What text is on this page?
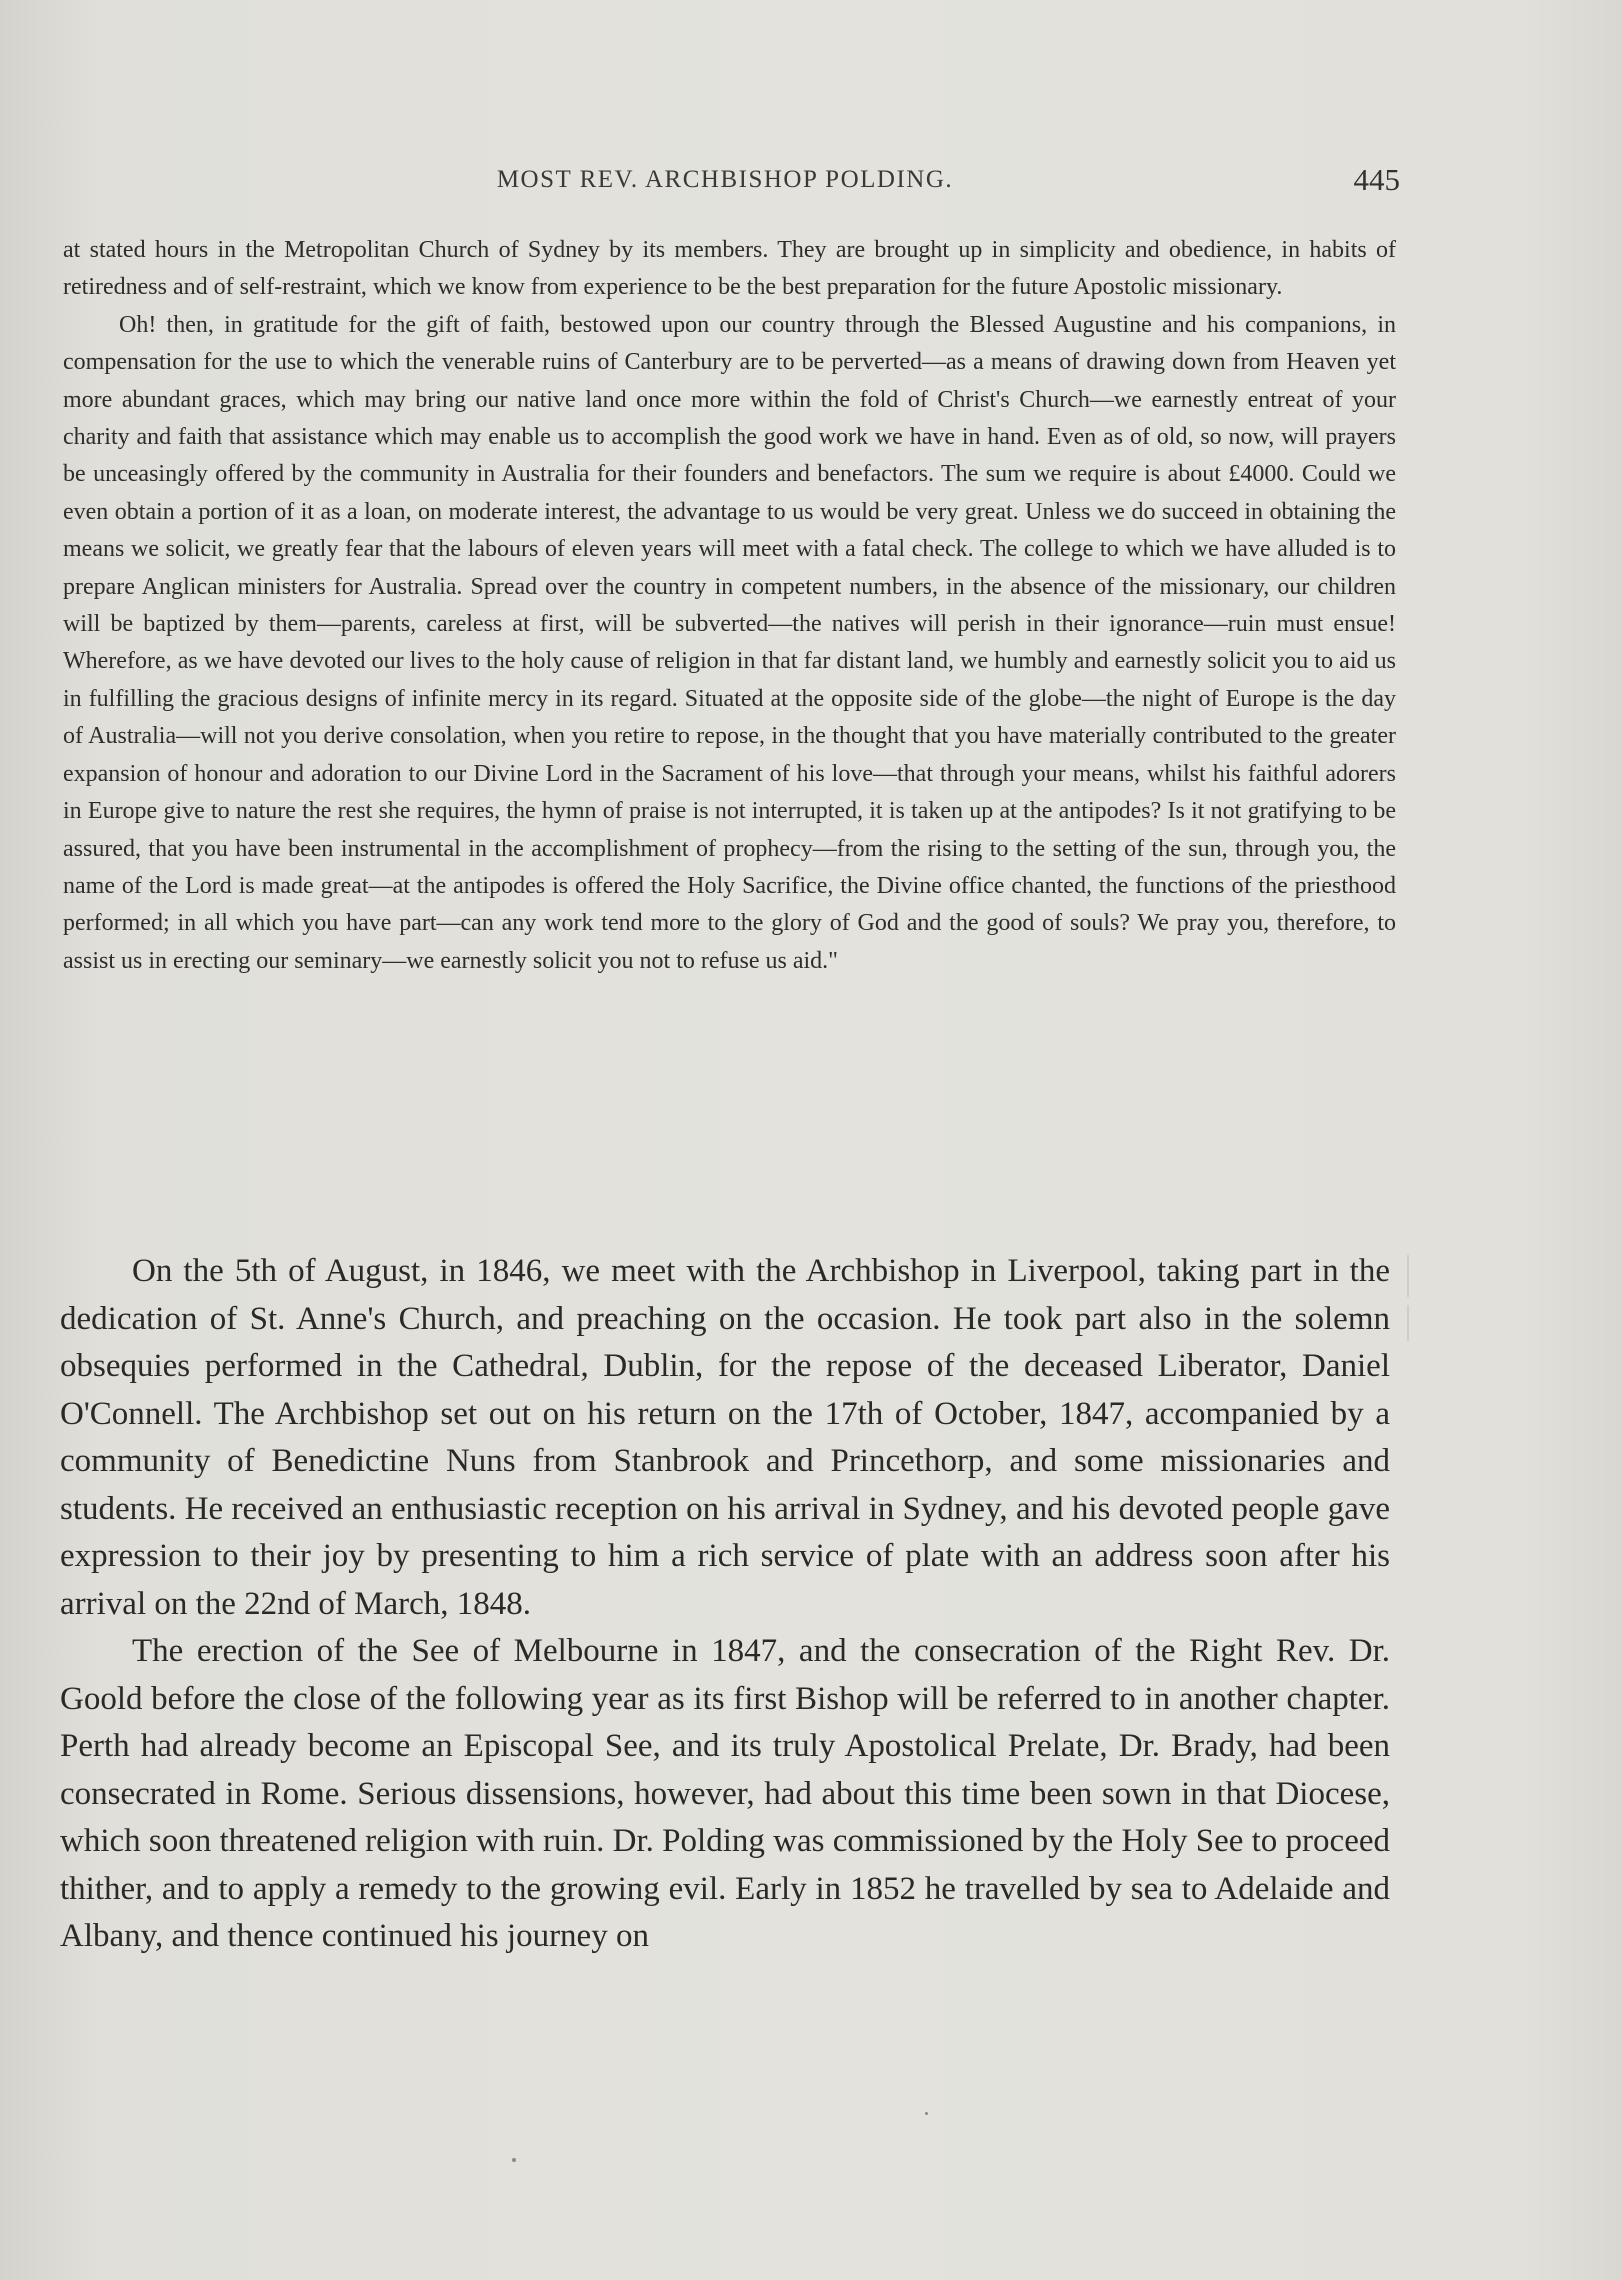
MOST REV. ARCHBISHOP POLDING.	445

at stated hours in the Metropolitan Church of Sydney by its members. They are brought up in simplicity and obedience, in habits of retiredness and of self-restraint, which we know from experience to be the best preparation for the future Apostolic missionary.

Oh! then, in gratitude for the gift of faith, bestowed upon our country through the Blessed Augustine and his companions, in compensation for the use to which the venerable ruins of Canterbury are to be perverted—as a means of drawing down from Heaven yet more abundant graces, which may bring our native land once more within the fold of Christ's Church—we earnestly entreat of your charity and faith that assistance which may enable us to accomplish the good work we have in hand. Even as of old, so now, will prayers be unceasingly offered by the community in Australia for their founders and benefactors. The sum we require is about £4000. Could we even obtain a portion of it as a loan, on moderate interest, the advantage to us would be very great. Unless we do succeed in obtaining the means we solicit, we greatly fear that the labours of eleven years will meet with a fatal check. The college to which we have alluded is to prepare Anglican ministers for Australia. Spread over the country in competent numbers, in the absence of the missionary, our children will be baptized by them—parents, careless at first, will be subverted—the natives will perish in their ignorance—ruin must ensue! Wherefore, as we have devoted our lives to the holy cause of religion in that far distant land, we humbly and earnestly solicit you to aid us in fulfilling the gracious designs of infinite mercy in its regard. Situated at the opposite side of the globe—the night of Europe is the day of Australia—will not you derive consolation, when you retire to repose, in the thought that you have materially contributed to the greater expansion of honour and adoration to our Divine Lord in the Sacrament of his love—that through your means, whilst his faithful adorers in Europe give to nature the rest she requires, the hymn of praise is not interrupted, it is taken up at the antipodes? Is it not gratifying to be assured, that you have been instrumental in the accomplishment of prophecy—from the rising to the setting of the sun, through you, the name of the Lord is made great—at the antipodes is offered the Holy Sacrifice, the Divine office chanted, the functions of the priesthood performed; in all which you have part—can any work tend more to the glory of God and the good of souls? We pray you, therefore, to assist us in erecting our seminary—we earnestly solicit you not to refuse us aid."

On the 5th of August, in 1846, we meet with the Archbishop in Liverpool, taking part in the dedication of St. Anne's Church, and preaching on the occasion. He took part also in the solemn obsequies performed in the Cathedral, Dublin, for the repose of the deceased Liberator, Daniel O'Connell. The Archbishop set out on his return on the 17th of October, 1847, accompanied by a community of Benedictine Nuns from Stanbrook and Princethorp, and some missionaries and students. He received an enthusiastic reception on his arrival in Sydney, and his devoted people gave expression to their joy by presenting to him a rich service of plate with an address soon after his arrival on the 22nd of March, 1848.

The erection of the See of Melbourne in 1847, and the consecration of the Right Rev. Dr. Goold before the close of the following year as its first Bishop will be referred to in another chapter. Perth had already become an Episcopal See, and its truly Apostolical Prelate, Dr. Brady, had been consecrated in Rome. Serious dissensions, however, had about this time been sown in that Diocese, which soon threatened religion with ruin. Dr. Polding was commissioned by the Holy See to proceed thither, and to apply a remedy to the growing evil. Early in 1852 he travelled by sea to Adelaide and Albany, and thence continued his journey on
